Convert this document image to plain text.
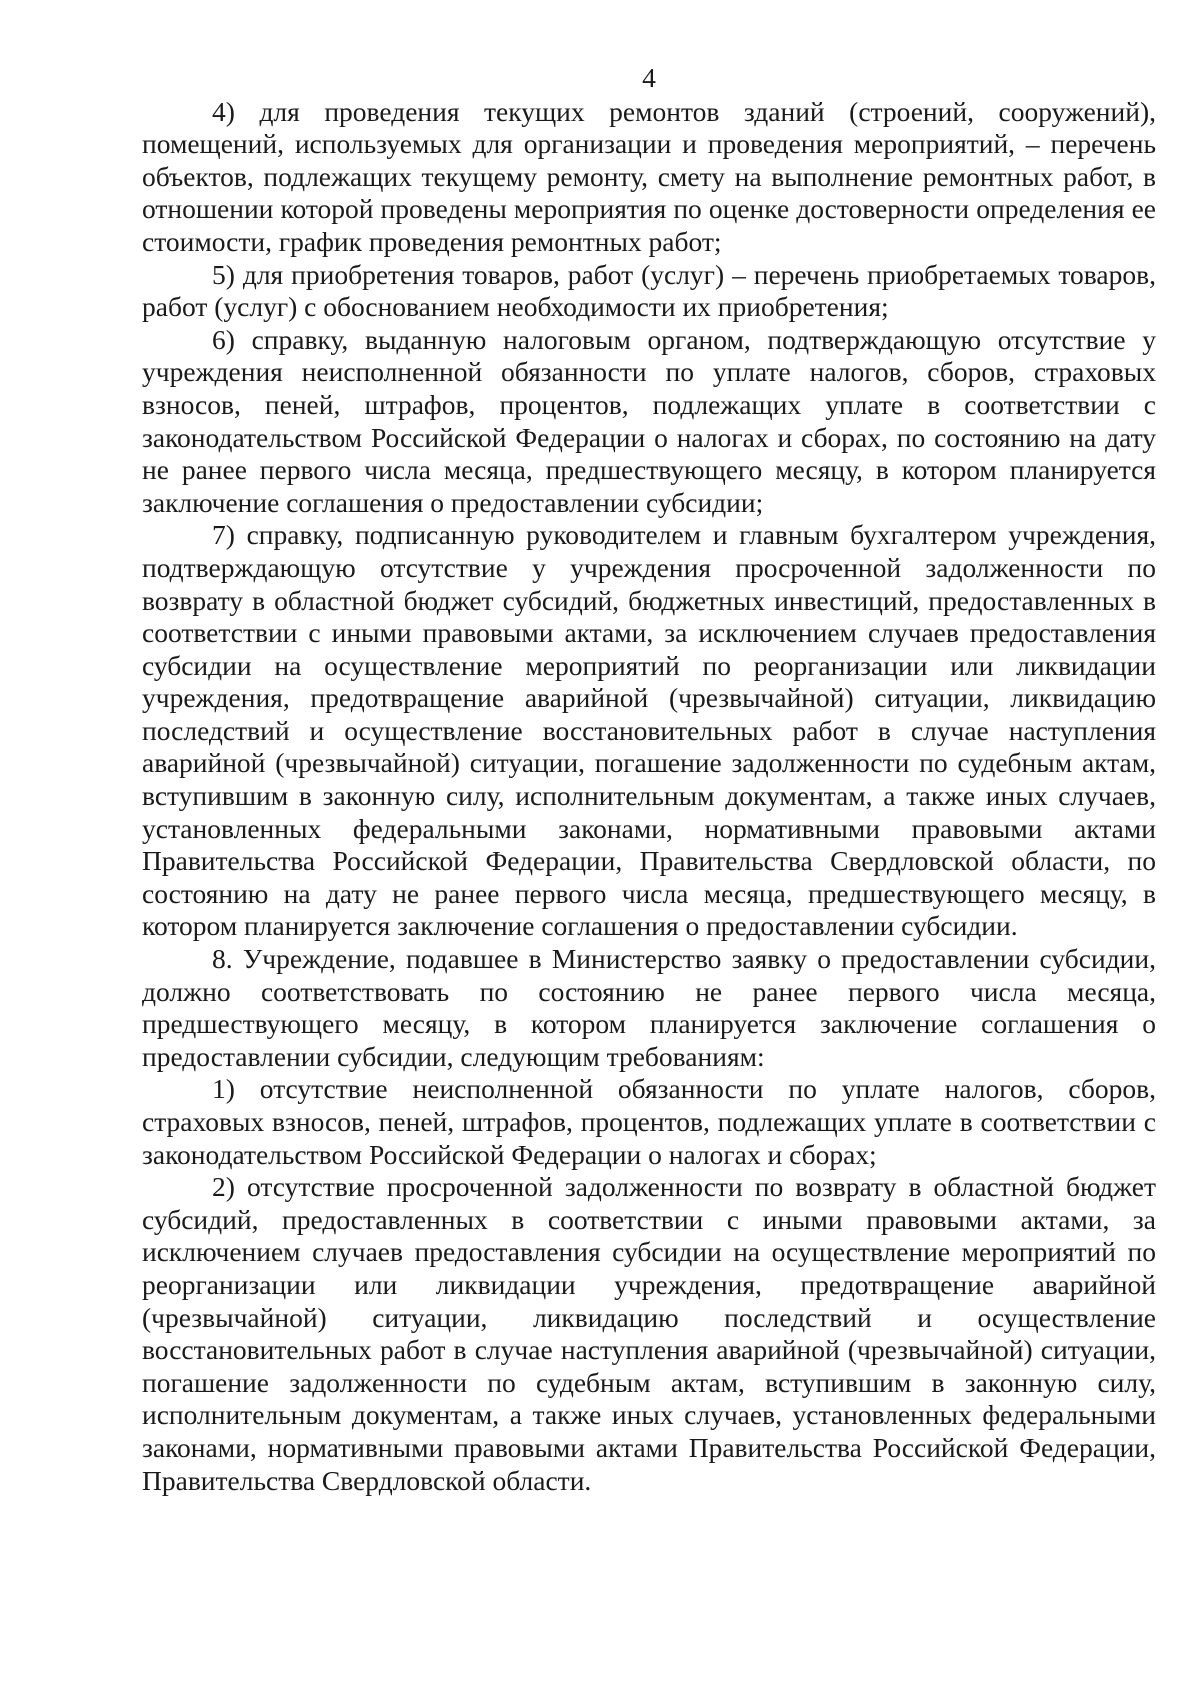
4

4) для проведения текущих ремонтов зданий (строений, сооружений), помещений, используемых для организации и проведения мероприятий, – перечень объектов, подлежащих текущему ремонту, смету на выполнение ремонтных работ, в отношении которой проведены мероприятия по оценке достоверности определения ее стоимости, график проведения ремонтных работ;

5) для приобретения товаров, работ (услуг) – перечень приобретаемых товаров, работ (услуг) с обоснованием необходимости их приобретения;

6) справку, выданную налоговым органом, подтверждающую отсутствие у учреждения неисполненной обязанности по уплате налогов, сборов, страховых взносов, пеней, штрафов, процентов, подлежащих уплате в соответствии с законодательством Российской Федерации о налогах и сборах, по состоянию на дату не ранее первого числа месяца, предшествующего месяцу, в котором планируется заключение соглашения о предоставлении субсидии;

7) справку, подписанную руководителем и главным бухгалтером учреждения, подтверждающую отсутствие у учреждения просроченной задолженности по возврату в областной бюджет субсидий, бюджетных инвестиций, предоставленных в соответствии с иными правовыми актами, за исключением случаев предоставления субсидии на осуществление мероприятий по реорганизации или ликвидации учреждения, предотвращение аварийной (чрезвычайной) ситуации, ликвидацию последствий и осуществление восстановительных работ в случае наступления аварийной (чрезвычайной) ситуации, погашение задолженности по судебным актам, вступившим в законную силу, исполнительным документам, а также иных случаев, установленных федеральными законами, нормативными правовыми актами Правительства Российской Федерации, Правительства Свердловской области, по состоянию на дату не ранее первого числа месяца, предшествующего месяцу, в котором планируется заключение соглашения о предоставлении субсидии.

8. Учреждение, подавшее в Министерство заявку о предоставлении субсидии, должно соответствовать по состоянию не ранее первого числа месяца, предшествующего месяцу, в котором планируется заключение соглашения о предоставлении субсидии, следующим требованиям:

1) отсутствие неисполненной обязанности по уплате налогов, сборов, страховых взносов, пеней, штрафов, процентов, подлежащих уплате в соответствии с законодательством Российской Федерации о налогах и сборах;

2) отсутствие просроченной задолженности по возврату в областной бюджет субсидий, предоставленных в соответствии с иными правовыми актами, за исключением случаев предоставления субсидии на осуществление мероприятий по реорганизации или ликвидации учреждения, предотвращение аварийной (чрезвычайной) ситуации, ликвидацию последствий и осуществление восстановительных работ в случае наступления аварийной (чрезвычайной) ситуации, погашение задолженности по судебным актам, вступившим в законную силу, исполнительным документам, а также иных случаев, установленных федеральными законами, нормативными правовыми актами Правительства Российской Федерации, Правительства Свердловской области.
